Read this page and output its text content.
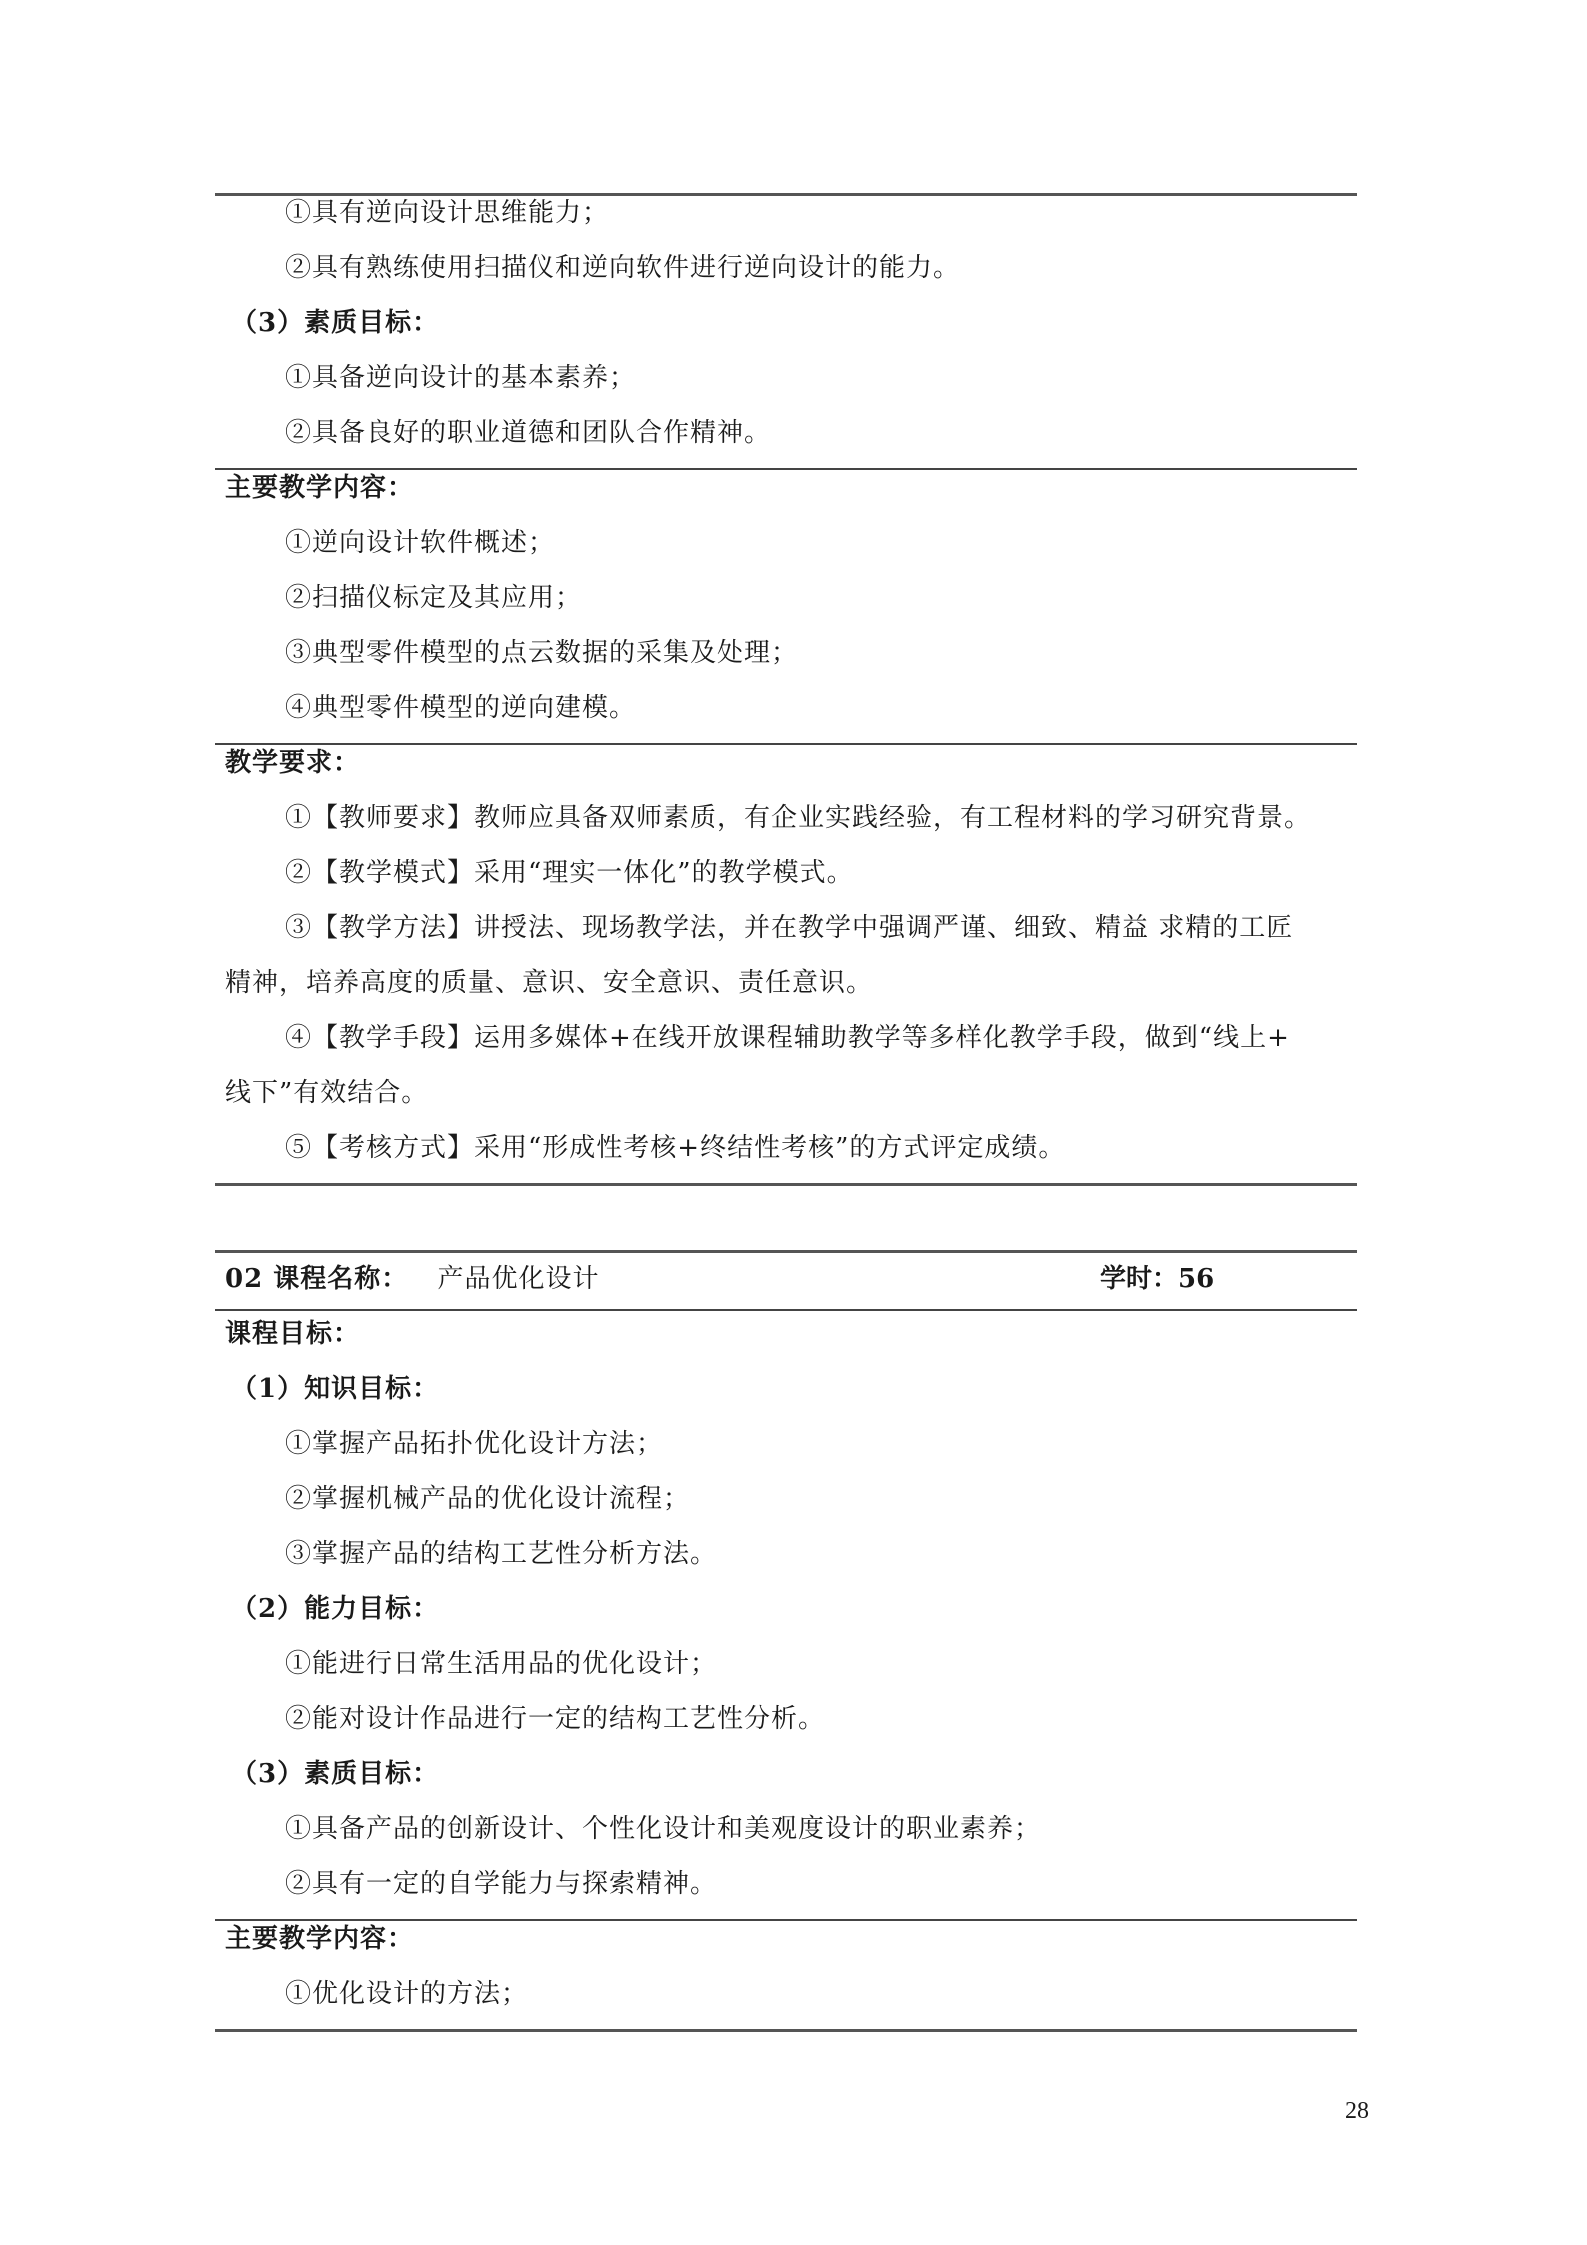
①具有逆向设计思维能力；
②具有熟练使用扫描仪和逆向软件进行逆向设计的能力。
（3）素质目标：
①具备逆向设计的基本素养；
②具备良好的职业道德和团队合作精神。
主要教学内容：
①逆向设计软件概述；
②扫描仪标定及其应用；
③典型零件模型的点云数据的采集及处理；
④典型零件模型的逆向建模。
教学要求：
①【教师要求】教师应具备双师素质，有企业实践经验，有工程材料的学习研究背景。
②【教学模式】采用“理实一体化”的教学模式。
③【教学方法】讲授法、现场教学法，并在教学中强调严谨、细致、精益 求精的工匠
精神，培养高度的质量、意识、安全意识、责任意识。
④【教学手段】运用多媒体+在线开放课程辅助教学等多样化教学手段，做到“线上+
线下”有效结合。
⑤【考核方式】采用“形成性考核+终结性考核”的方式评定成绩。
02 课程名称： 产品优化设计	学时：56
课程目标：
（1）知识目标：
①掌握产品拓扑优化设计方法；
②掌握机械产品的优化设计流程；
③掌握产品的结构工艺性分析方法。
（2）能力目标：
①能进行日常生活用品的优化设计；
②能对设计作品进行一定的结构工艺性分析。
（3）素质目标：
①具备产品的创新设计、个性化设计和美观度设计的职业素养；
②具有一定的自学能力与探索精神。
主要教学内容：
①优化设计的方法；
28
